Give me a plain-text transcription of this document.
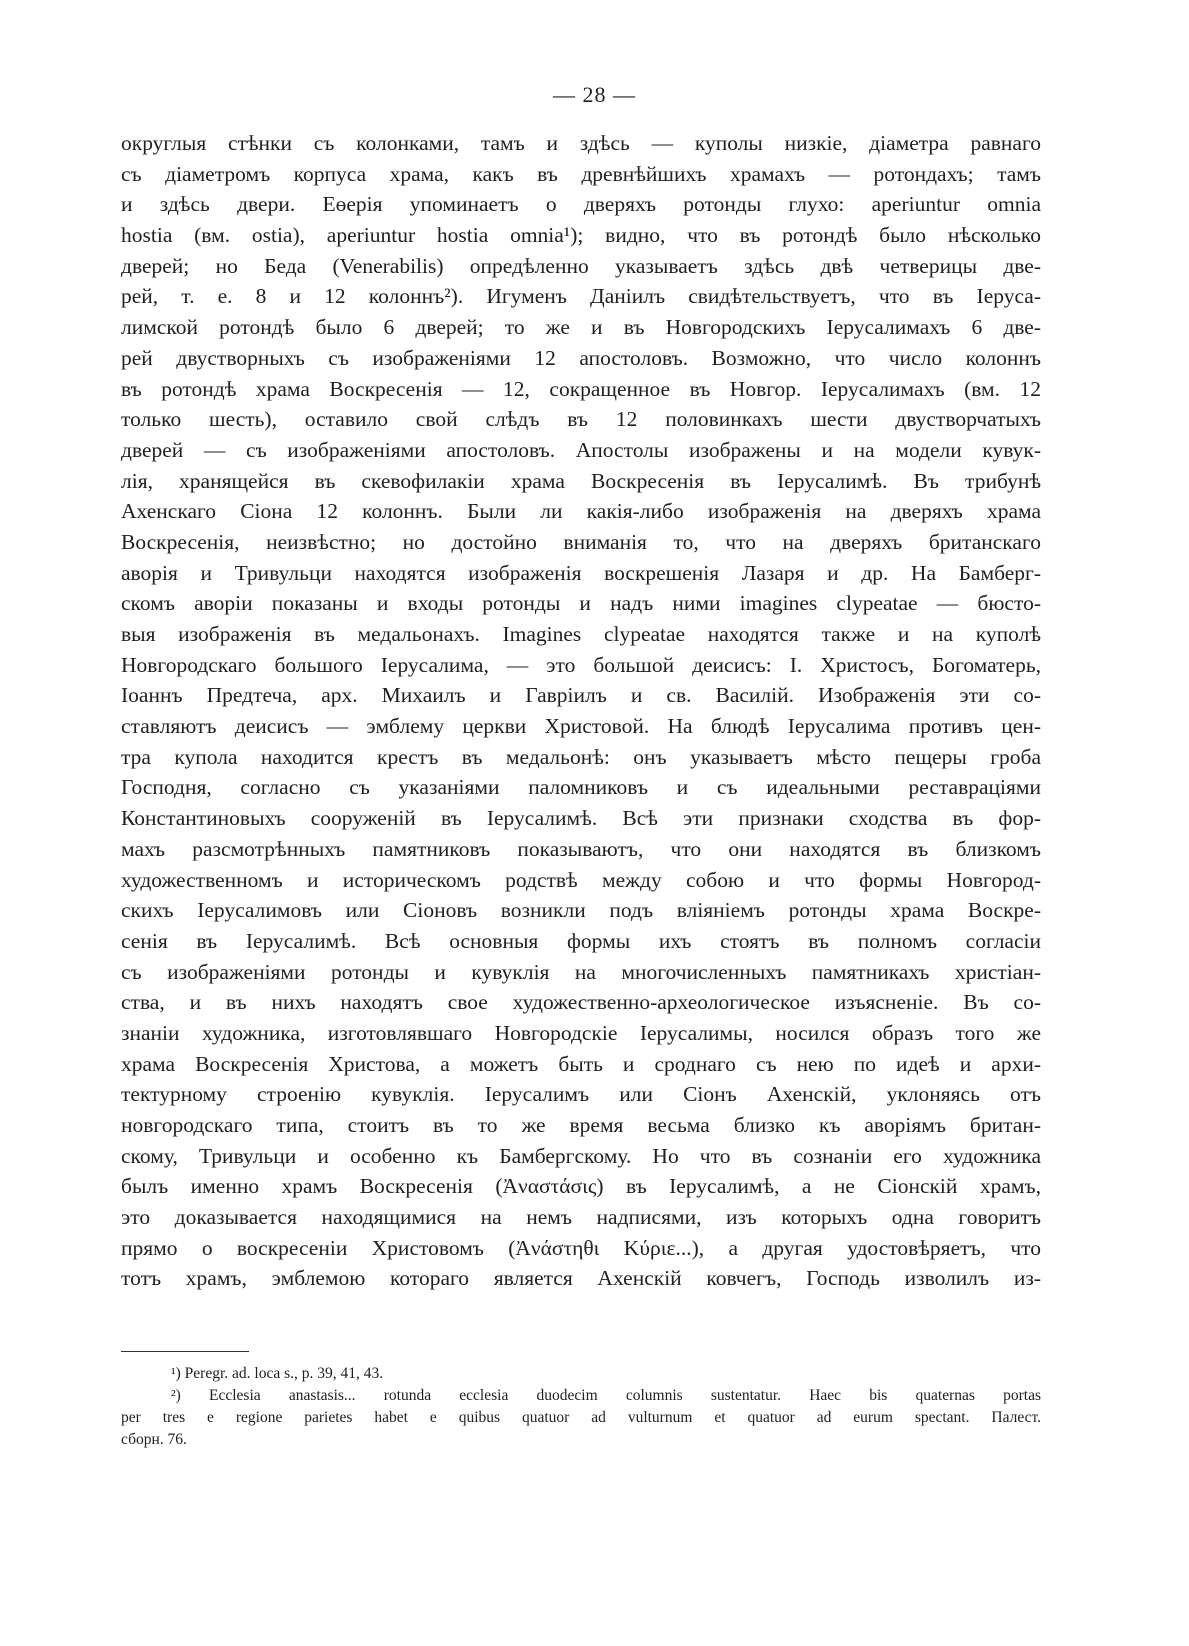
— 28 —
округлыя стѣнки съ колонками, тамъ и здѣсь — куполы низкіе, діаметра равнаго
съ діаметромъ корпуса храма, какъ въ древнѣйшихъ храмахъ — ротондахъ; тамъ
и здѣсь двери. Еөерія упоминаетъ о дверяхъ ротонды глухо: aperiuntur omnia
hostia (вм. ostia), aperiuntur hostia omnia¹); видно, что въ ротондѣ было нѣсколько
дверей; но Беда (Venerabilis) опредѣленно указываетъ здѣсь двѣ четверицы две-
рей, т. е. 8 и 12 колоннъ²). Игуменъ Даніилъ свидѣтельствуетъ, что въ Іеруса-
лимской ротондѣ было 6 дверей; то же и въ Новгородскихъ Іерусалимахъ 6 две-
рей двустворныхъ съ изображеніями 12 апостоловъ. Возможно, что число колоннъ
въ ротондѣ храма Воскресенія — 12, сокращенное въ Новгор. Іерусалимахъ (вм. 12
только шесть), оставило свой слѣдъ въ 12 половинкахъ шести двустворчатыхъ
дверей — съ изображеніями апостоловъ. Апостолы изображены и на модели кувук-
лія, хранящейся въ скевофилакіи храма Воскресенія въ Іерусалимѣ. Въ трибунѣ
Ахенскаго Сіона 12 колоннъ. Были ли какія-либо изображенія на дверяхъ храма
Воскресенія, неизвѣстно; но достойно вниманія то, что на дверяхъ британскаго
аворія и Тривульци находятся изображенія воскрешенія Лазаря и др. На Бамберг-
скомъ аворіи показаны и входы ротонды и надъ ними imagines clypeatae — бюсто-
выя изображенія въ медальонахъ. Imagines clypeatae находятся также и на куполѣ
Новгородскаго большого Іерусалима, — это большой деисисъ: І. Христосъ, Богоматерь,
Іоаннъ Предтеча, арх. Михаилъ и Гавріилъ и св. Василій. Изображенія эти со-
ставляютъ деисисъ — эмблему церкви Христовой. На блюдѣ Іерусалима противъ цен-
тра купола находится крестъ въ медальонѣ: онъ указываетъ мѣсто пещеры гроба
Господня, согласно съ указаніями паломниковъ и съ идеальными реставраціями
Константиновыхъ сооруженій въ Іерусалимѣ. Всѣ эти признаки сходства въ фор-
махъ разсмотрѣнныхъ памятниковъ показываютъ, что они находятся въ близкомъ
художественномъ и историческомъ родствѣ между собою и что формы Новгород-
скихъ Іерусалимовъ или Сіоновъ возникли подъ вліяніемъ ротонды храма Воскре-
сенія въ Іерусалимѣ. Всѣ основныя формы ихъ стоятъ въ полномъ согласіи
съ изображеніями ротонды и кувуклія на многочисленныхъ памятникахъ христіан-
ства, и въ нихъ находятъ свое художественно-археологическое изъясненіе. Въ со-
знаніи художника, изготовлявшаго Новгородскіе Іерусалимы, носился образъ того же
храма Воскресенія Христова, а можетъ быть и сроднаго съ нею по идеѣ и архи-
тектурному строенію кувуклія. Іерусалимъ или Сіонъ Ахенскій, уклоняясь отъ
новгородскаго типа, стоитъ въ то же время весьма близко къ аворіямъ британ-
скому, Тривульци и особенно къ Бамбергскому. Но что въ сознаніи его художника
былъ именно храмъ Воскресенія (Ἀναστάσις) въ Іерусалимѣ, а не Сіонскій храмъ,
это доказывается находящимися на немъ надписями, изъ которыхъ одна говоритъ
прямо о воскресеніи Христовомъ (Ἀνάστηθι Κύριε...), а другая удостовѣряетъ, что
тотъ храмъ, эмблемою котораго является Ахенскій ковчегъ, Господь изволилъ из-
¹) Peregr. ad. loca s., p. 39, 41, 43.
²) Ecclesia anastasis... rotunda ecclesia duodecim columnis sustentatur. Haec bis quaternas portas
per tres e regione parietes habet e quibus quatuor ad vulturnum et quatuor ad eurum spectant. Палест.
сборн. 76.
